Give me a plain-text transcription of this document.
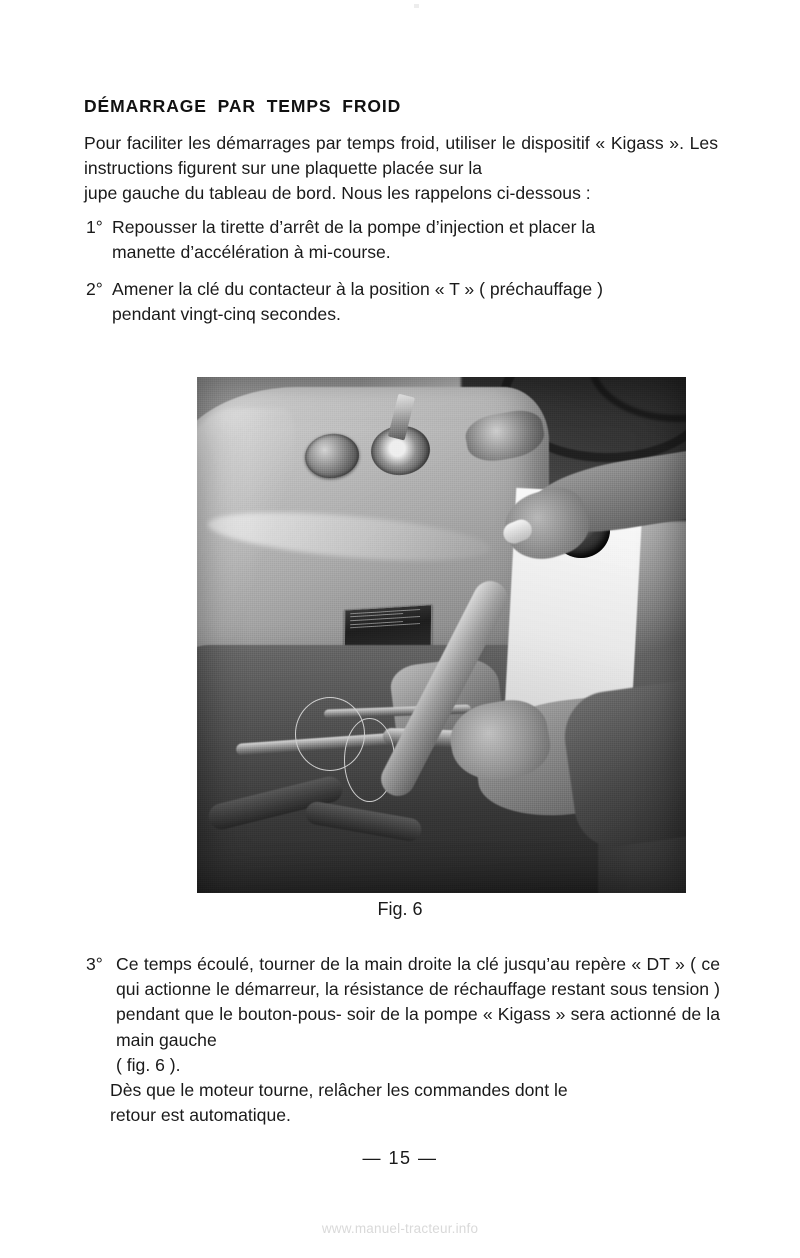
DÉMARRAGE PAR TEMPS FROID
Pour faciliter les démarrages par temps froid, utiliser le dispositif « Kigass ». Les instructions figurent sur une plaquette placée sur la
jupe gauche du tableau de bord. Nous les rappelons ci-dessous :
1° Repousser la tirette d’arrêt de la pompe d’injection et placer la
manette d’accélération à mi-course.
2° Amener la clé du contacteur à la position « T » ( préchauffage )
pendant vingt-cinq secondes.
Fig. 6
3° Ce temps écoulé, tourner de la main droite la clé jusqu’au repère « DT » ( ce qui actionne le démarreur, la résistance de réchauffage restant sous tension ) pendant que le bouton-pous- soir de la pompe « Kigass » sera actionné de la main gauche
( fig. 6 ).
Dès que le moteur tourne, relâcher les commandes dont le
retour est automatique.
— 15 —
www.manuel-tracteur.info
